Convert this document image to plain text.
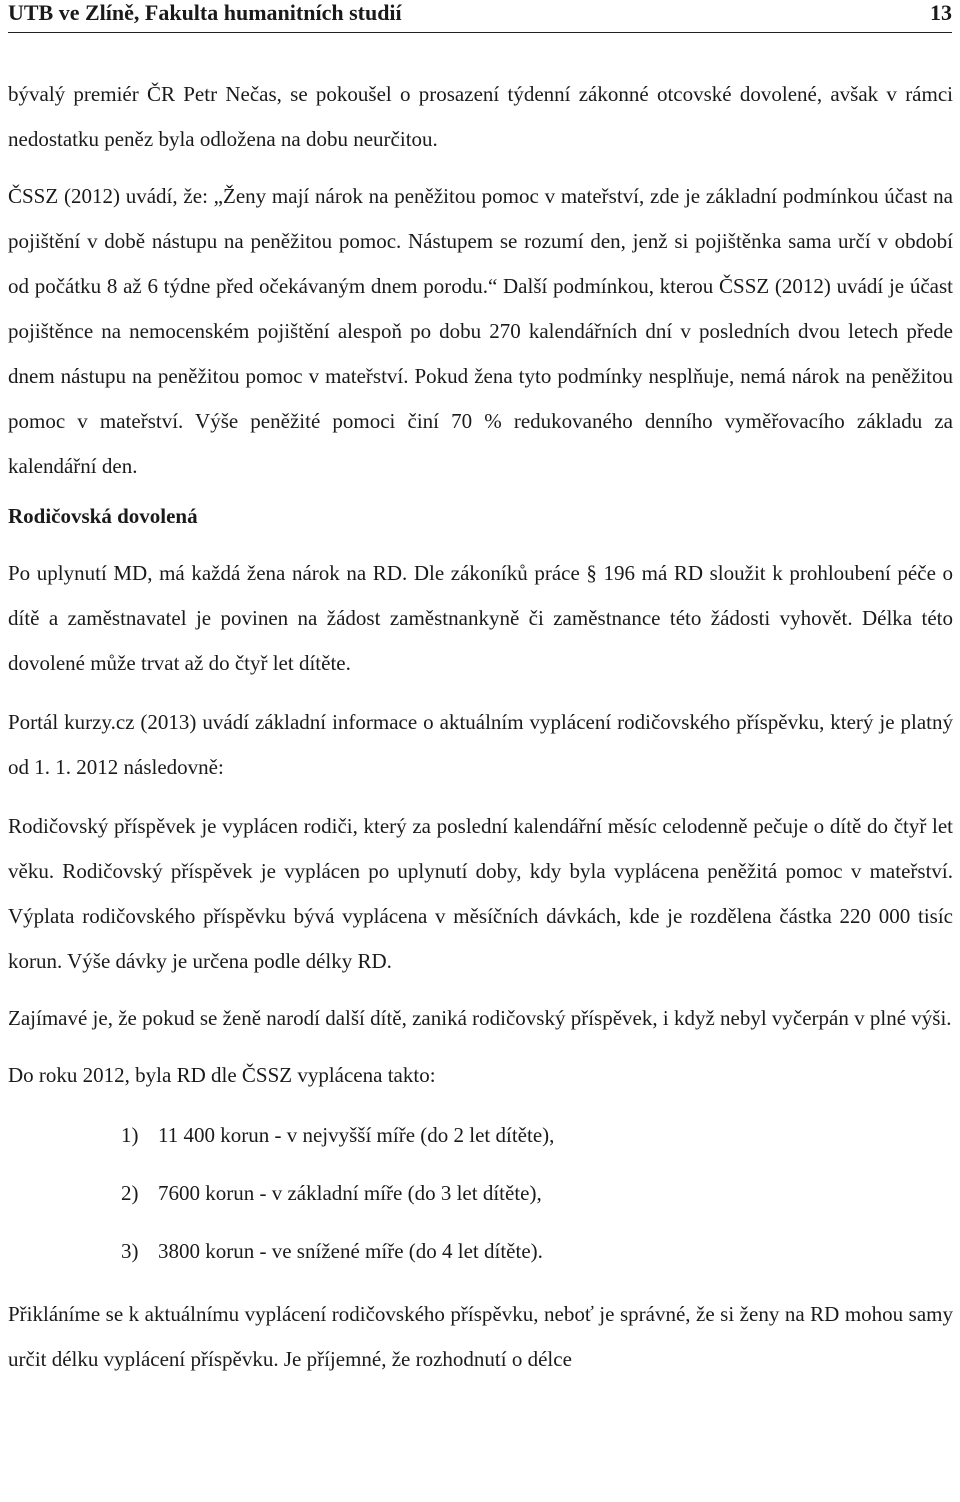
UTB ve Zlíně, Fakulta humanitních studií	13

bývalý premiér ČR Petr Nečas, se pokoušel o prosazení týdenní zákonné otcovské dovolené, avšak v rámci nedostatku peněz byla odložena na dobu neurčitou.

ČSSZ (2012) uvádí, že: „Ženy mají nárok na peněžitou pomoc v mateřství, zde je základní podmínkou účast na pojištění v době nástupu na peněžitou pomoc. Nástupem se rozumí den, jenž si pojištěnka sama určí v období od počátku 8 až 6 týdne před očekávaným dnem porodu.“ Další podmínkou, kterou ČSSZ (2012) uvádí je účast pojištěnce na nemocenském pojištění alespoň po dobu 270 kalendářních dní v posledních dvou letech přede dnem nástupu na peněžitou pomoc v mateřství. Pokud žena tyto podmínky nesplňuje, nemá nárok na peněžitou pomoc v mateřství. Výše peněžité pomoci činí 70 % redukovaného denního vyměřovacího základu za kalendářní den.

Rodičovská dovolená

Po uplynutí MD, má každá žena nárok na RD. Dle zákoníků práce § 196 má RD sloužit k prohloubení péče o dítě a zaměstnavatel je povinen na žádost zaměstnankyně či zaměstnance této žádosti vyhovět. Délka této dovolené může trvat až do čtyř let dítěte.

Portál kurzy.cz (2013) uvádí základní informace o aktuálním vyplácení rodičovského příspěvku, který je platný od 1. 1. 2012 následovně:

Rodičovský příspěvek je vyplácen rodiči, který za poslední kalendářní měsíc celodenně pečuje o dítě do čtyř let věku. Rodičovský příspěvek je vyplácen po uplynutí doby, kdy byla vyplácena peněžitá pomoc v mateřství. Výplata rodičovského příspěvku bývá vyplácena v měsíčních dávkách, kde je rozdělena částka 220 000 tisíc korun. Výše dávky je určena podle délky RD.

Zajímavé je, že pokud se ženě narodí další dítě, zaniká rodičovský příspěvek, i když nebyl vyčerpán v plné výši.

Do roku 2012, byla RD dle ČSSZ vyplácena takto:

1) 11 400 korun - v nejvyšší míře (do 2 let dítěte),
2) 7600 korun - v základní míře (do 3 let dítěte),
3) 3800 korun - ve snížené míře (do 4 let dítěte).

Přikláníme se k aktuálnímu vyplácení rodičovského příspěvku, neboť je správné, že si ženy na RD mohou samy určit délku vyplácení příspěvku. Je příjemné, že rozhodnutí o délce
